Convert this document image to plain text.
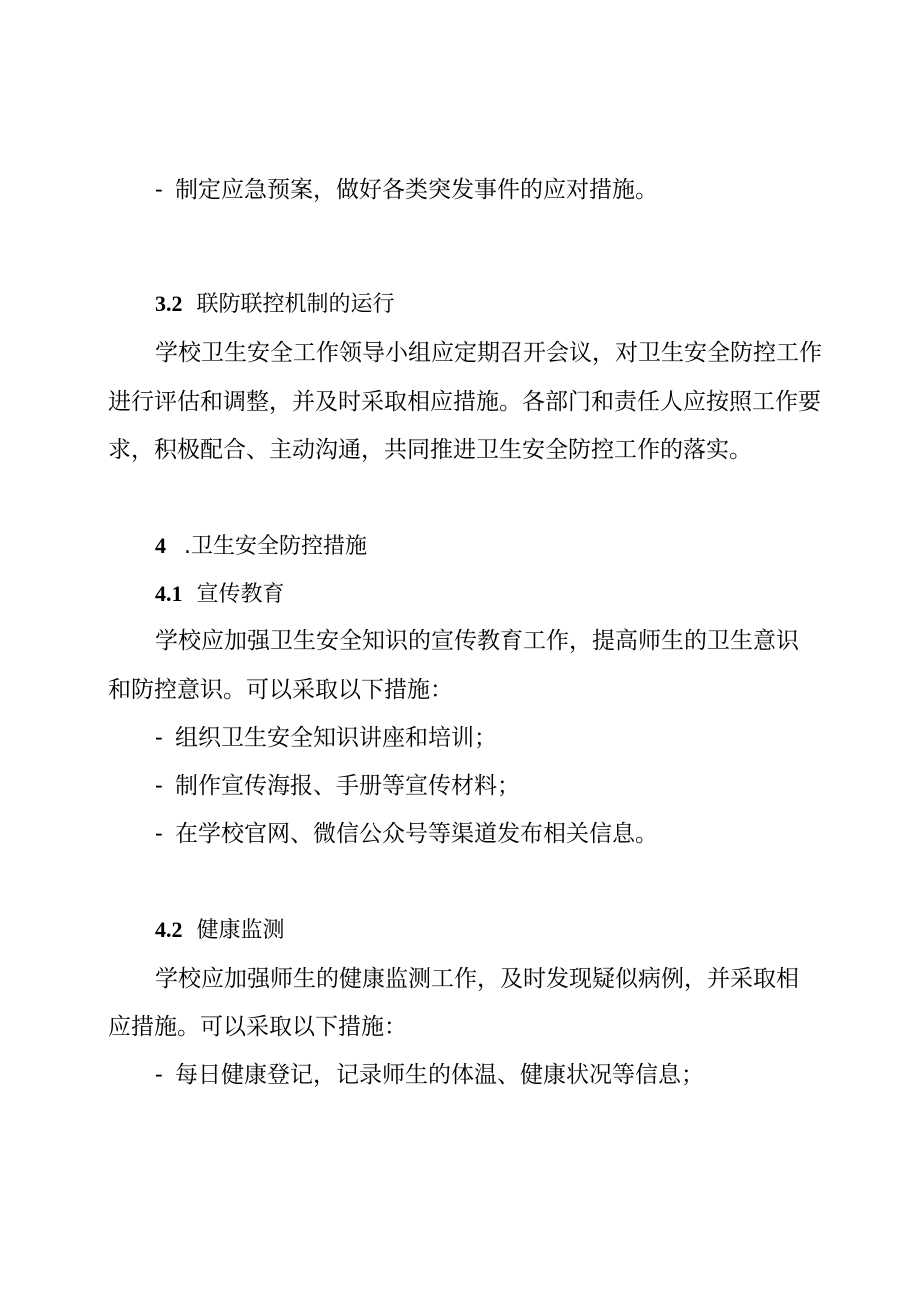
- 制定应急预案，做好各类突发事件的应对措施。

3.2 联防联控机制的运行

学校卫生安全工作领导小组应定期召开会议，对卫生安全防控工作

进行评估和调整，并及时采取相应措施。各部门和责任人应按照工作要

求，积极配合、主动沟通，共同推进卫生安全防控工作的落实。

4 .卫生安全防控措施

4.1 宣传教育

学校应加强卫生安全知识的宣传教育工作，提高师生的卫生意识

和防控意识。可以采取以下措施：

- 组织卫生安全知识讲座和培训；

- 制作宣传海报、手册等宣传材料；

- 在学校官网、微信公众号等渠道发布相关信息。

4.2 健康监测

学校应加强师生的健康监测工作，及时发现疑似病例，并采取相

应措施。可以采取以下措施：

- 每日健康登记，记录师生的体温、健康状况等信息；
